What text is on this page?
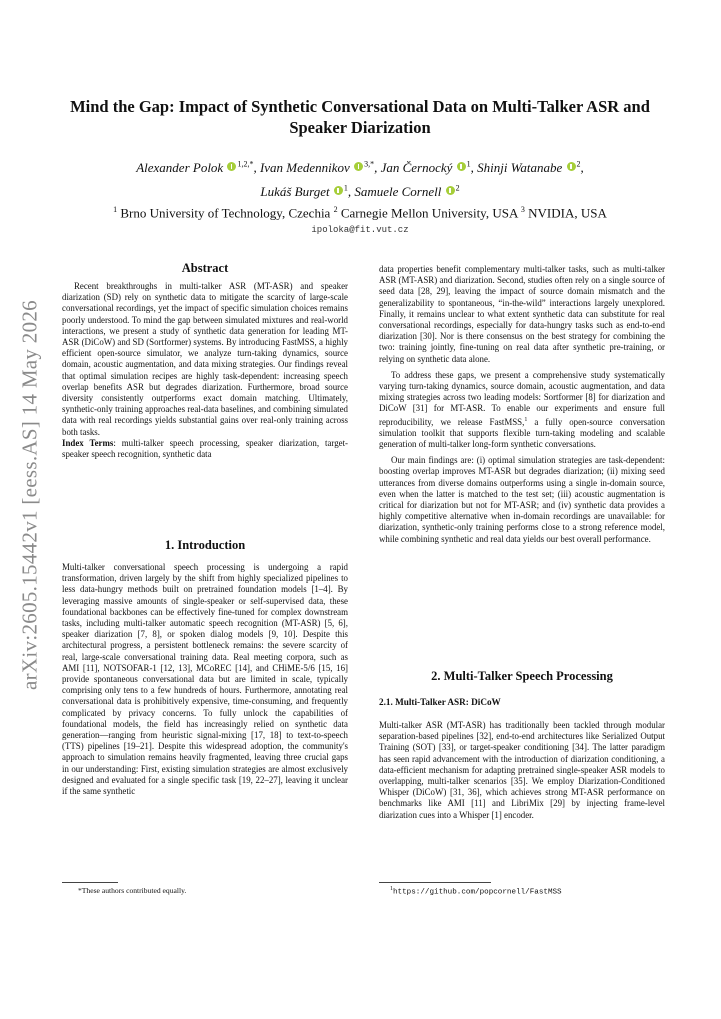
arXiv:2605.15442v1 [eess.AS] 14 May 2026
Mind the Gap: Impact of Synthetic Conversational Data on Multi-Talker ASR and Speaker Diarization
Alexander Polok $^{1,2,*}$, Ivan Medennikov $^{3,*}$, Jan Černocký $^1$, Shinji Watanabe $^2$,
Lukáš Burget $^1$, Samuele Cornell $^2$
$^1$ Brno University of Technology, Czechia $^2$ Carnegie Mellon University, USA $^3$ NVIDIA, USA
ipoloka@fit.vut.cz
Abstract

Recent breakthroughs in multi-talker ASR (MT-ASR) and speaker diarization (SD) rely on synthetic data to mitigate the scarcity of large-scale conversational recordings, yet the impact of specific simulation choices remains poorly understood. To mind the gap between simulated mixtures and real-world interactions, we present a study of synthetic data generation for leading MT-ASR (DiCoW) and SD (Sortformer) systems. By introducing FastMSS, a highly efficient open-source simulator, we analyze turn-taking dynamics, source domain, acoustic augmentation, and data mixing strategies. Our findings reveal that optimal simulation recipes are highly task-dependent: increasing speech overlap benefits ASR but degrades diarization. Furthermore, broad source diversity consistently outperforms exact domain matching. Ultimately, synthetic-only training approaches real-data baselines, and combining simulated data with real recordings yields substantial gains over real-only training across both tasks.

Index Terms: multi-talker speech processing, speaker diarization, target-speaker speech recognition, synthetic data

1. Introduction

Multi-talker conversational speech processing is undergoing a rapid transformation, driven largely by the shift from highly specialized pipelines to less data-hungry methods built on pretrained foundation models [1–4]. By leveraging massive amounts of single-speaker or self-supervised data, these foundational backbones can be effectively fine-tuned for complex downstream tasks, including multi-talker automatic speech recognition (MT-ASR) [5, 6], speaker diarization [7, 8], or spoken dialog models [9, 10]. Despite this architectural progress, a persistent bottleneck remains: the severe scarcity of real, large-scale conversational training data. Real meeting corpora, such as AMI [11], NOTSOFAR-1 [12, 13], MCoREC [14], and CHiME-5/6 [15, 16] provide spontaneous conversational data but are limited in scale, typically comprising only tens to a few hundreds of hours. Furthermore, annotating real conversational data is prohibitively expensive, time-consuming, and frequently complicated by privacy concerns. To fully unlock the capabilities of foundational models, the field has increasingly relied on synthetic data generation—ranging from heuristic signal-mixing [17, 18] to text-to-speech (TTS) pipelines [19–21]. Despite this widespread adoption, the community's approach to simulation remains heavily fragmented, leaving three crucial gaps in our understanding: First, existing simulation strategies are almost exclusively designed and evaluated for a single specific task [19, 22–27], leaving it unclear if the same synthetic

*These authors contributed equally.

data properties benefit complementary multi-talker tasks, such as multi-talker ASR (MT-ASR) and diarization. Second, studies often rely on a single source of seed data [28, 29], leaving the impact of source domain mismatch and the generalizability to spontaneous, “in-the-wild” interactions largely unexplored. Finally, it remains unclear to what extent synthetic data can substitute for real conversational recordings, especially for data-hungry tasks such as end-to-end diarization [30]. Nor is there consensus on the best strategy for combining the two: training jointly, fine-tuning on real data after synthetic pre-training, or relying on synthetic data alone.

To address these gaps, we present a comprehensive study systematically varying turn-taking dynamics, source domain, acoustic augmentation, and data mixing strategies across two leading models: Sortformer [8] for diarization and DiCoW [31] for MT-ASR. To enable our experiments and ensure full reproducibility, we release FastMSS,$^1$ a fully open-source conversation simulation toolkit that supports flexible turn-taking modeling and scalable generation of multi-talker long-form synthetic conversations.

Our main findings are: (i) optimal simulation strategies are task-dependent: boosting overlap improves MT-ASR but degrades diarization; (ii) mixing seed utterances from diverse domains outperforms using a single in-domain source, even when the latter is matched to the test set; (iii) acoustic augmentation is critical for diarization but not for MT-ASR; and (iv) synthetic data provides a highly competitive alternative when in-domain recordings are unavailable: for diarization, synthetic-only training performs close to a strong reference model, while combining synthetic and real data yields our best overall performance.

2. Multi-Talker Speech Processing
2.1. Multi-Talker ASR: DiCoW

Multi-talker ASR (MT-ASR) has traditionally been tackled through modular separation-based pipelines [32], end-to-end architectures like Serialized Output Training (SOT) [33], or target-speaker conditioning [34]. The latter paradigm has seen rapid advancement with the introduction of diarization conditioning, a data-efficient mechanism for adapting pretrained single-speaker ASR models to overlapping, multi-talker scenarios [35]. We employ Diarization-Conditioned Whisper (DiCoW) [31, 36], which achieves strong MT-ASR performance on benchmarks like AMI [11] and LibriMix [29] by injecting frame-level diarization cues into a Whisper [1] encoder.

$^1$https://github.com/popcornell/FastMSS
